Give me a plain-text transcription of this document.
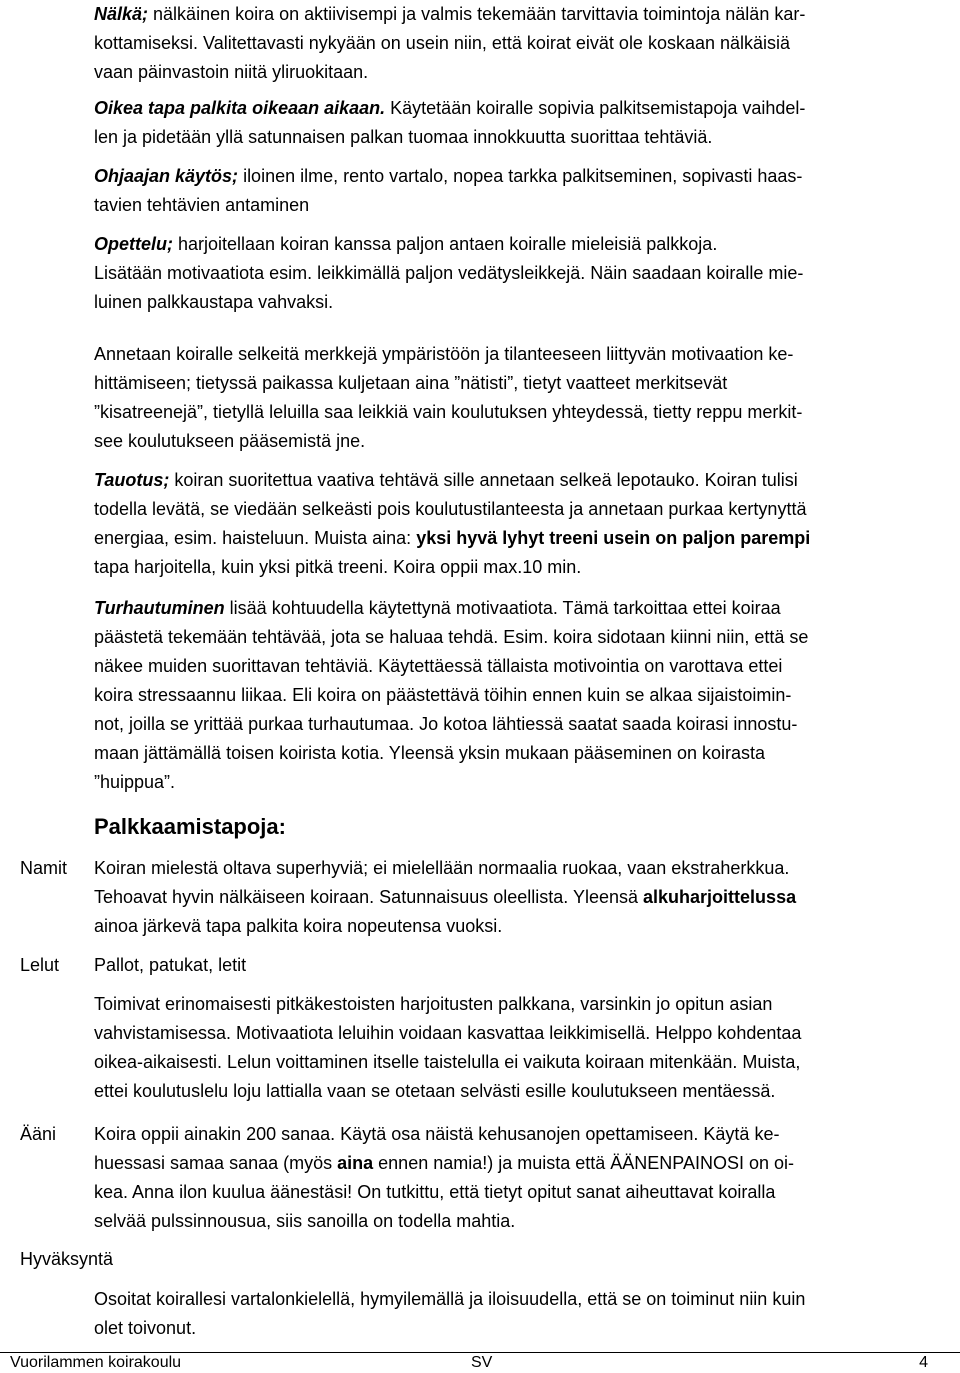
Nälkä; nälkäinen koira on aktiivisempi ja valmis tekemään tarvittavia toimintoja nälän kar-
kottamiseksi. Valitettavasti nykyään on usein niin, että koirat eivät ole koskaan nälkäisiä
vaan päinvastoin niitä yliruokitaan.

Oikea tapa palkita oikeaan aikaan. Käytetään koiralle sopivia palkitsemistapoja vaihdel-
len ja pidetään yllä satunnaisen palkan tuomaa innokkuutta suorittaa tehtäviä.

Ohjaajan käytös; iloinen ilme, rento vartalo, nopea tarkka palkitseminen, sopivasti haas-
tavien tehtävien antaminen

Opettelu; harjoitellaan koiran kanssa paljon antaen koiralle mieleisiä palkkoja.
Lisätään motivaatiota esim. leikkimällä paljon vedätysleikkejä. Näin saadaan koiralle mie-
luinen palkkaustapa vahvaksi.

Annetaan koiralle selkeitä merkkejä ympäristöön ja tilanteeseen liittyvän motivaation ke-
hittämiseen; tietyssä paikassa kuljetaan aina ”nätisti”, tietyt vaatteet merkitsevät
”kisatreenejä”, tietyllä leluilla saa leikkiä vain koulutuksen yhteydessä, tietty reppu merkit-
see koulutukseen pääsemistä jne.

Tauotus; koiran suoritettua vaativa tehtävä sille annetaan selkeä lepotauko. Koiran tulisi
todella levätä, se viedään selkeästi pois koulutustilanteesta ja annetaan purkaa kertynyttä
energiaa, esim. haisteluun. Muista aina: yksi hyvä lyhyt treeni usein on paljon parempi
tapa harjoitella, kuin yksi pitkä treeni. Koira oppii max.10 min.

Turhautuminen lisää kohtuudella käytettynä motivaatiota. Tämä tarkoittaa ettei koiraa
päästetä tekemään tehtävää, jota se haluaa tehdä. Esim. koira sidotaan kiinni niin, että se
näkee muiden suorittavan tehtäviä. Käytettäessä tällaista motivointia on varottava ettei
koira stressaannu liikaa. Eli koira on päästettävä töihin ennen kuin se alkaa sijaistoimin-
not, joilla se yrittää purkaa turhautumaa. Jo kotoa lähtiessä saatat saada koirasi innostu-
maan jättämällä toisen koirista kotia. Yleensä yksin mukaan pääseminen on koirasta
”huippua”.

Palkkaamistapoja:
Namit Koiran mielestä oltava superhyviä; ei mielellään normaalia ruokaa, vaan ekstraherkkua.
Tehoavat hyvin nälkäiseen koiraan. Satunnaisuus oleellista. Yleensä alkuharjoittelussa
ainoa järkevä tapa palkita koira nopeutensa vuoksi.

Lelut Pallot, patukat, letit

Toimivat erinomaisesti pitkäkestoisten harjoitusten palkkana, varsinkin jo opitun asian
vahvistamisessa. Motivaatiota leluihin voidaan kasvattaa leikkimisellä. Helppo kohdentaa
oikea-aikaisesti. Lelun voittaminen itselle taistelulla ei vaikuta koiraan mitenkään. Muista,
ettei koulutuslelu loju lattialla vaan se otetaan selvästi esille koulutukseen mentäessä.

Ääni Koira oppii ainakin 200 sanaa. Käytä osa näistä kehusanojen opettamiseen. Käytä ke-
huessasi samaa sanaa (myös aina ennen namia!) ja muista että ÄÄNENPAINOSI on oi-
kea. Anna ilon kuulua äänestäsi! On tutkittu, että tietyt opitut sanat aiheuttavat koiralla
selvää pulssinnousua, siis sanoilla on todella mahtia.

Hyväksyntä

Osoitat koirallesi vartalonkielellä, hymyilemällä ja iloisuudella, että se on toiminut niin kuin
olet toivonut.

Vuorilammen koirakoulu	SV	4
